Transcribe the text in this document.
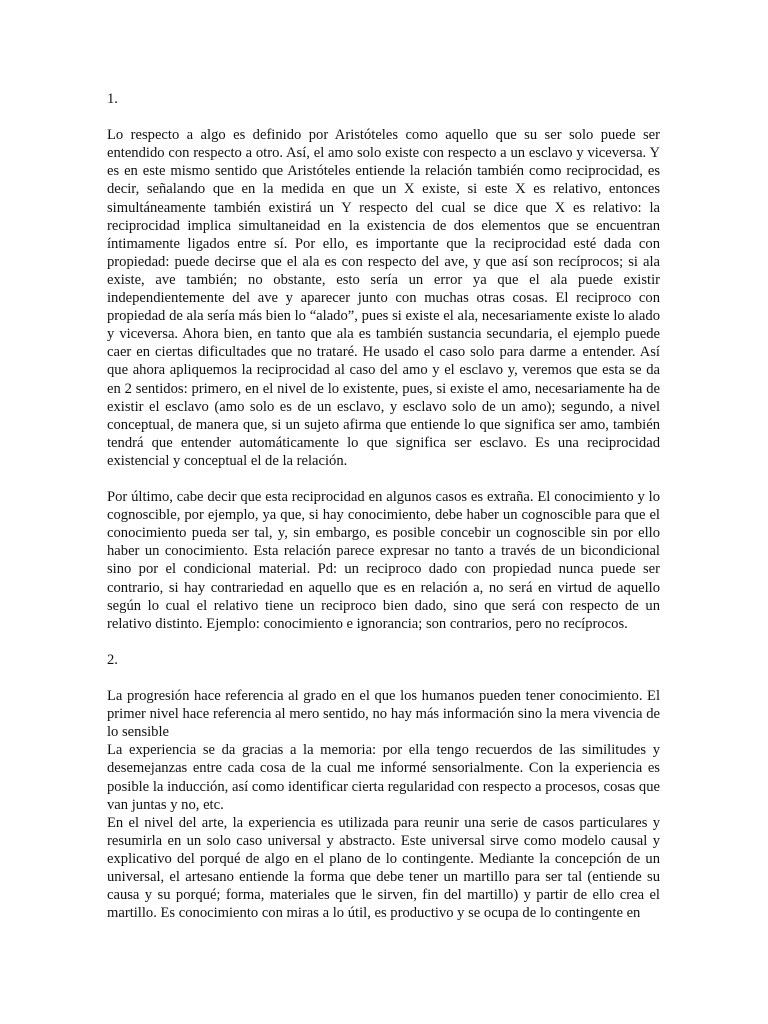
1.

Lo respecto a algo es definido por Aristóteles como aquello que su ser solo puede ser entendido con respecto a otro. Así, el amo solo existe con respecto a un esclavo y viceversa. Y es en este mismo sentido que Aristóteles entiende la relación también como reciprocidad, es decir, señalando que en la medida en que un X existe, si este X es relativo, entonces simultáneamente también existirá un Y respecto del cual se dice que X es relativo: la reciprocidad implica simultaneidad en la existencia de dos elementos que se encuentran íntimamente ligados entre sí. Por ello, es importante que la reciprocidad esté dada con propiedad: puede decirse que el ala es con respecto del ave, y que así son recíprocos; si ala existe, ave también; no obstante, esto sería un error ya que el ala puede existir independientemente del ave y aparecer junto con muchas otras cosas. El reciproco con propiedad de ala sería más bien lo “alado”, pues si existe el ala, necesariamente existe lo alado y viceversa. Ahora bien, en tanto que ala es también sustancia secundaria, el ejemplo puede caer en ciertas dificultades que no trataré. He usado el caso solo para darme a entender. Así que ahora apliquemos la reciprocidad al caso del amo y el esclavo y, veremos que esta se da en 2 sentidos: primero, en el nivel de lo existente, pues, si existe el amo, necesariamente ha de existir el esclavo (amo solo es de un esclavo, y esclavo solo de un amo); segundo, a nivel conceptual, de manera que, si un sujeto afirma que entiende lo que significa ser amo, también tendrá que entender automáticamente lo que significa ser esclavo. Es una reciprocidad existencial y conceptual el de la relación.

Por último, cabe decir que esta reciprocidad en algunos casos es extraña. El conocimiento y lo cognoscible, por ejemplo, ya que, si hay conocimiento, debe haber un cognoscible para que el conocimiento pueda ser tal, y, sin embargo, es posible concebir un cognoscible sin por ello haber un conocimiento. Esta relación parece expresar no tanto a través de un bicondicional sino por el condicional material. Pd: un reciproco dado con propiedad nunca puede ser contrario, si hay contrariedad en aquello que es en relación a, no será en virtud de aquello según lo cual el relativo tiene un reciproco bien dado, sino que será con respecto de un relativo distinto. Ejemplo: conocimiento e ignorancia; son contrarios, pero no recíprocos.

2.

La progresión hace referencia al grado en el que los humanos pueden tener conocimiento. El primer nivel hace referencia al mero sentido, no hay más información sino la mera vivencia de lo sensible

La experiencia se da gracias a la memoria: por ella tengo recuerdos de las similitudes y desemejanzas entre cada cosa de la cual me informé sensorialmente. Con la experiencia es posible la inducción, así como identificar cierta regularidad con respecto a procesos, cosas que van juntas y no, etc.

En el nivel del arte, la experiencia es utilizada para reunir una serie de casos particulares y resumirla en un solo caso universal y abstracto. Este universal sirve como modelo causal y explicativo del porqué de algo en el plano de lo contingente. Mediante la concepción de un universal, el artesano entiende la forma que debe tener un martillo para ser tal (entiende su causa y su porqué; forma, materiales que le sirven, fin del martillo) y partir de ello crea el martillo. Es conocimiento con miras a lo útil, es productivo y se ocupa de lo contingente en
